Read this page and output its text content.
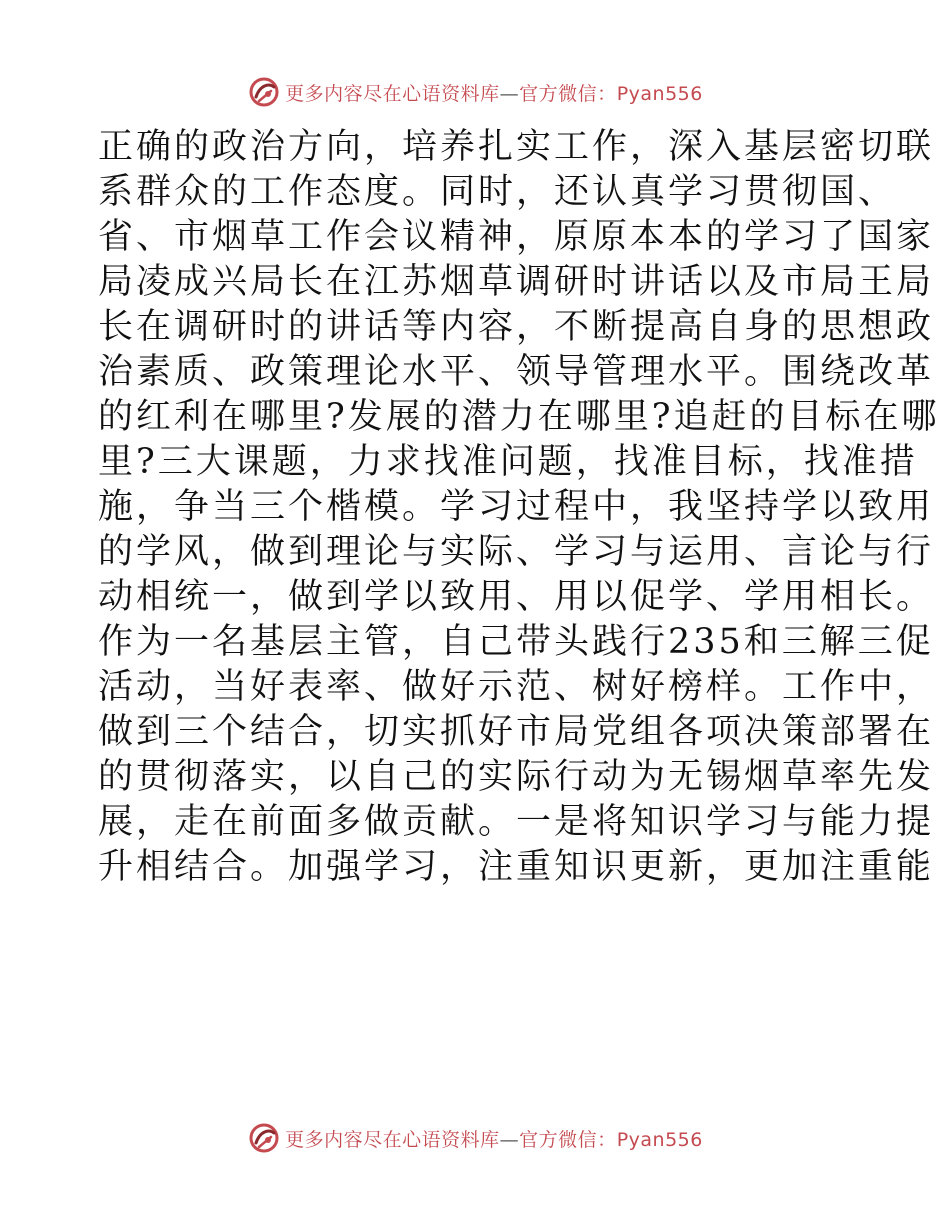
更多内容尽在心语资料库—官方微信：Pyan556
正确的政治方向，培养扎实工作，深入基层密切联
系群众的工作态度。同时，还认真学习贯彻国、
省、市烟草工作会议精神，原原本本的学习了国家
局凌成兴局长在江苏烟草调研时讲话以及市局王局
长在调研时的讲话等内容，不断提高自身的思想政
治素质、政策理论水平、领导管理水平。围绕改革
的红利在哪里?发展的潜力在哪里?追赶的目标在哪
里?三大课题，力求找准问题，找准目标，找准措
施，争当三个楷模。学习过程中，我坚持学以致用
的学风，做到理论与实际、学习与运用、言论与行
动相统一，做到学以致用、用以促学、学用相长。
作为一名基层主管，自己带头践行235和三解三促
活动，当好表率、做好示范、树好榜样。工作中，
做到三个结合，切实抓好市局党组各项决策部署在
的贯彻落实，以自己的实际行动为无锡烟草率先发
展，走在前面多做贡献。一是将知识学习与能力提
升相结合。加强学习，注重知识更新，更加注重能
更多内容尽在心语资料库—官方微信：Pyan556
